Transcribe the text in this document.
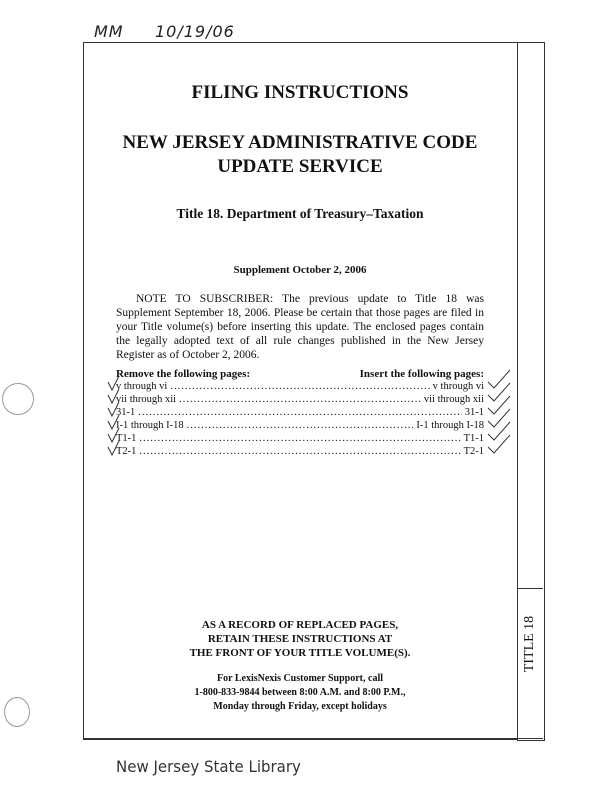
MM 10/19/06
TITLE 18
FILING INSTRUCTIONS
NEW JERSEY ADMINISTRATIVE CODE
UPDATE SERVICE
Title 18. Department of Treasury–Taxation
Supplement October 2, 2006
NOTE TO SUBSCRIBER: The previous update to Title 18 was Supplement September 18, 2006. Please be certain that those pages are filed in your Title volume(s) before inserting this update. The enclosed pages contain the legally adopted text of all rule changes published in the New Jersey Register as of October 2, 2006.
Remove the following pages:	Insert the following pages:
v through vi .....	v through vi
vii through xii .....	vii through xii
31-1 .....	31-1
I-1 through I-18 .....	I-1 through I-18
T1-1 .....	T1-1
T2-1 .....	T2-1
AS A RECORD OF REPLACED PAGES,
RETAIN THESE INSTRUCTIONS AT
THE FRONT OF YOUR TITLE VOLUME(S).
For LexisNexis Customer Support, call
1-800-833-9844 between 8:00 A.M. and 8:00 P.M.,
Monday through Friday, except holidays
New Jersey State Library
